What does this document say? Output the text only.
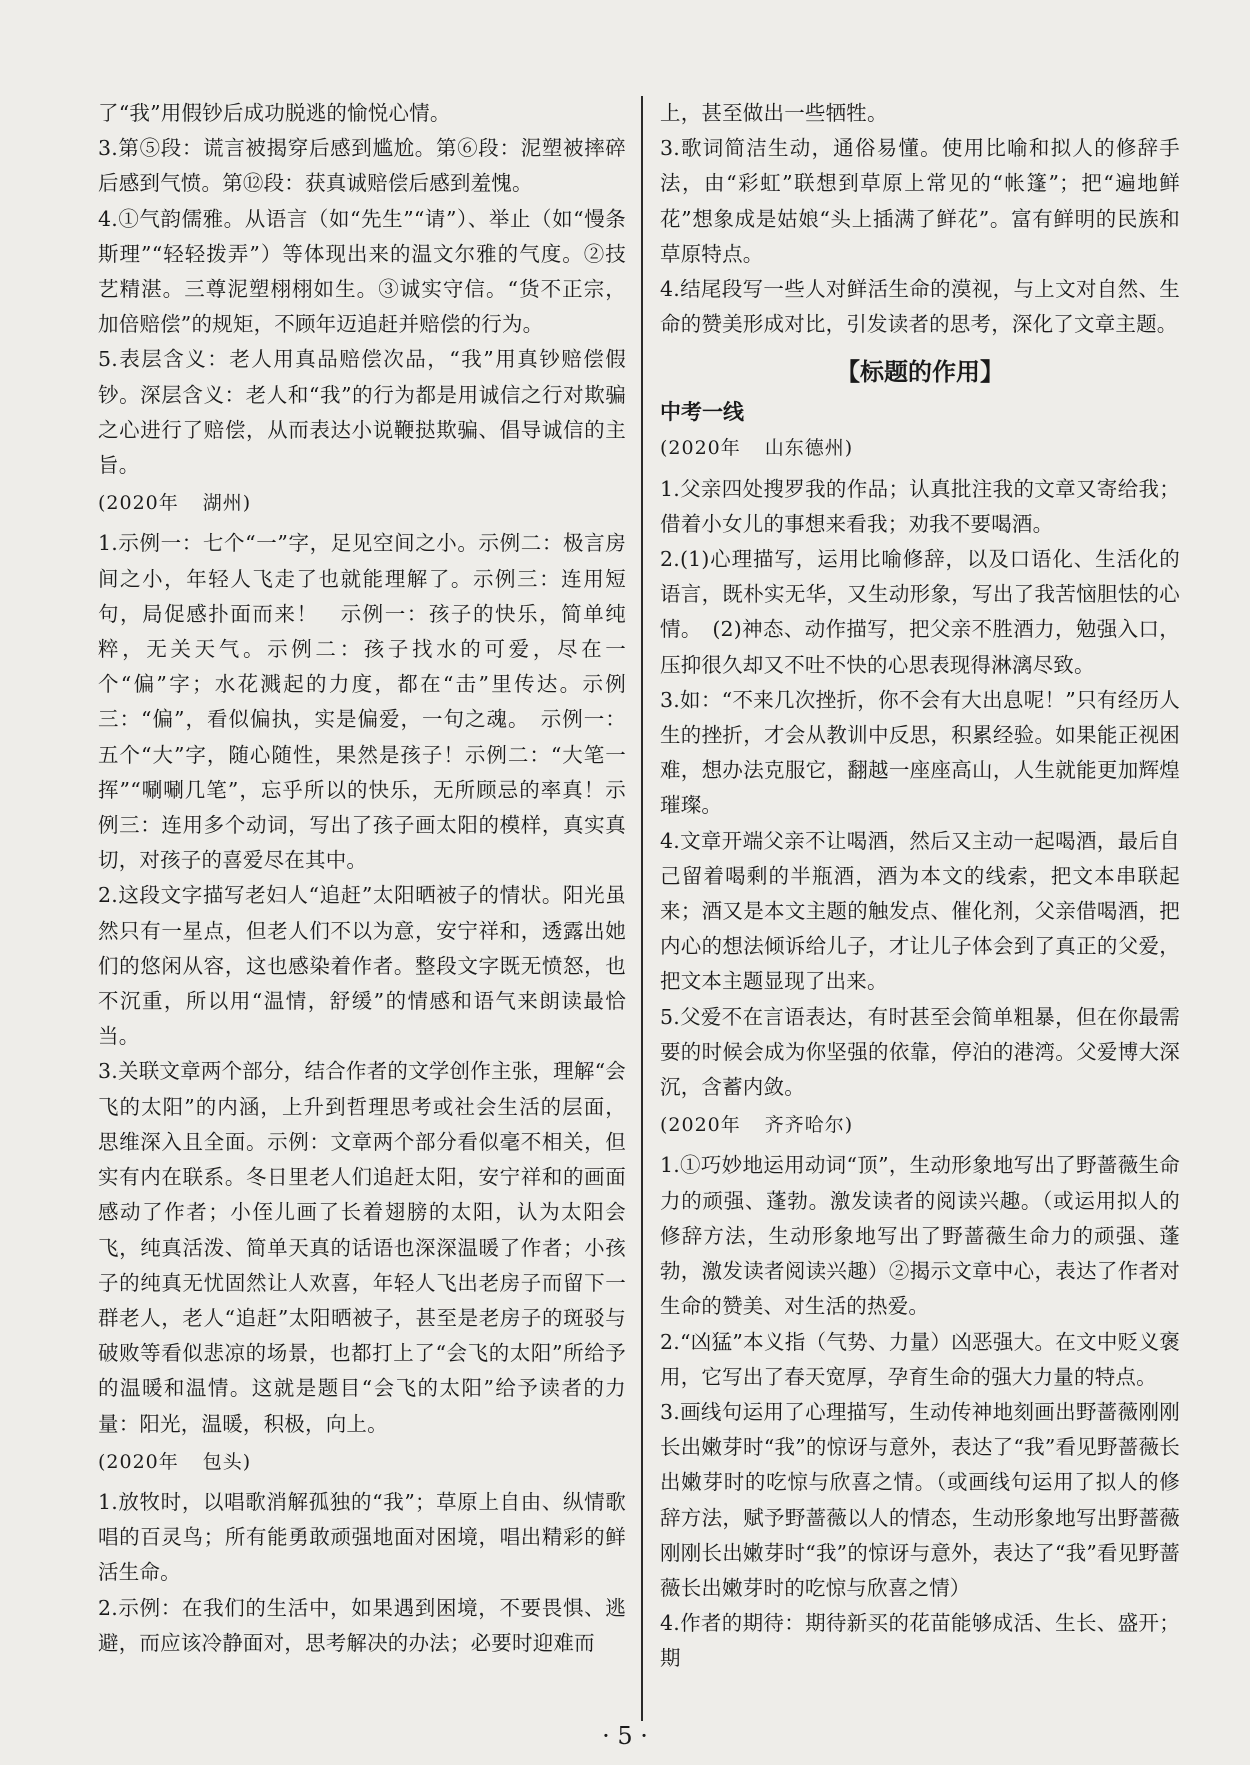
了“我”用假钞后成功脱逃的愉悦心情。

3.第⑤段：谎言被揭穿后感到尴尬。第⑥段：泥塑被摔碎后感到气愤。第⑫段：获真诚赔偿后感到羞愧。

4.①气韵儒雅。从语言（如“先生”“请”）、举止（如“慢条斯理”“轻轻拨弄”）等体现出来的温文尔雅的气度。②技艺精湛。三尊泥塑栩栩如生。③诚实守信。“货不正宗，加倍赔偿”的规矩，不顾年迈追赶并赔偿的行为。

5.表层含义：老人用真品赔偿次品，“我”用真钞赔偿假钞。深层含义：老人和“我”的行为都是用诚信之行对欺骗之心进行了赔偿，从而表达小说鞭挞欺骗、倡导诚信的主旨。

(2020年 湖州)

1.示例一：七个“一”字，足见空间之小。示例二：极言房间之小，年轻人飞走了也就能理解了。示例三：连用短句，局促感扑面而来！　示例一：孩子的快乐，简单纯粹，无关天气。示例二：孩子找水的可爱，尽在一个“偏”字；水花溅起的力度，都在“击”里传达。示例三：“偏”，看似偏执，实是偏爱，一句之魂。　示例一：五个“大”字，随心随性，果然是孩子！示例二：“大笔一挥”“唰唰几笔”，忘乎所以的快乐，无所顾忌的率真！示例三：连用多个动词，写出了孩子画太阳的模样，真实真切，对孩子的喜爱尽在其中。

2.这段文字描写老妇人“追赶”太阳晒被子的情状。阳光虽然只有一星点，但老人们不以为意，安宁祥和，透露出她们的悠闲从容，这也感染着作者。整段文字既无愤怒，也不沉重，所以用“温情，舒缓”的情感和语气来朗读最恰当。

3.关联文章两个部分，结合作者的文学创作主张，理解“会飞的太阳”的内涵，上升到哲理思考或社会生活的层面，思维深入且全面。示例：文章两个部分看似毫不相关，但实有内在联系。冬日里老人们追赶太阳，安宁祥和的画面感动了作者；小侄儿画了长着翅膀的太阳，认为太阳会飞，纯真活泼、简单天真的话语也深深温暖了作者；小孩子的纯真无忧固然让人欢喜，年轻人飞出老房子而留下一群老人，老人“追赶”太阳晒被子，甚至是老房子的斑驳与破败等看似悲凉的场景，也都打上了“会飞的太阳”所给予的温暖和温情。这就是题目“会飞的太阳”给予读者的力量：阳光，温暖，积极，向上。

(2020年 包头)

1.放牧时，以唱歌消解孤独的“我”；草原上自由、纵情歌唱的百灵鸟；所有能勇敢顽强地面对困境，唱出精彩的鲜活生命。

2.示例：在我们的生活中，如果遇到困境，不要畏惧、逃避，而应该冷静面对，思考解决的办法；必要时迎难而

上，甚至做出一些牺牲。

3.歌词简洁生动，通俗易懂。使用比喻和拟人的修辞手法，由“彩虹”联想到草原上常见的“帐篷”；把“遍地鲜花”想象成是姑娘“头上插满了鲜花”。富有鲜明的民族和草原特点。

4.结尾段写一些人对鲜活生命的漠视，与上文对自然、生命的赞美形成对比，引发读者的思考，深化了文章主题。

【标题的作用】
中考一线

(2020年 山东德州)

1.父亲四处搜罗我的作品；认真批注我的文章又寄给我；借着小女儿的事想来看我；劝我不要喝酒。

2.(1)心理描写，运用比喻修辞，以及口语化、生活化的语言，既朴实无华，又生动形象，写出了我苦恼胆怯的心情。　(2)神态、动作描写，把父亲不胜酒力，勉强入口，压抑很久却又不吐不快的心思表现得淋漓尽致。

3.如：“不来几次挫折，你不会有大出息呢！”只有经历人生的挫折，才会从教训中反思，积累经验。如果能正视困难，想办法克服它，翻越一座座高山，人生就能更加辉煌璀璨。

4.文章开端父亲不让喝酒，然后又主动一起喝酒，最后自己留着喝剩的半瓶酒，酒为本文的线索，把文本串联起来；酒又是本文主题的触发点、催化剂，父亲借喝酒，把内心的想法倾诉给儿子，才让儿子体会到了真正的父爱，把文本主题显现了出来。

5.父爱不在言语表达，有时甚至会简单粗暴，但在你最需要的时候会成为你坚强的依靠，停泊的港湾。父爱博大深沉，含蓄内敛。

(2020年 齐齐哈尔)

1.①巧妙地运用动词“顶”，生动形象地写出了野蔷薇生命力的顽强、蓬勃。激发读者的阅读兴趣。（或运用拟人的修辞方法，生动形象地写出了野蔷薇生命力的顽强、蓬勃，激发读者阅读兴趣）②揭示文章中心，表达了作者对生命的赞美、对生活的热爱。

2.“凶猛”本义指（气势、力量）凶恶强大。在文中贬义褒用，它写出了春天宽厚，孕育生命的强大力量的特点。

3.画线句运用了心理描写，生动传神地刻画出野蔷薇刚刚长出嫩芽时“我”的惊讶与意外，表达了“我”看见野蔷薇长出嫩芽时的吃惊与欣喜之情。（或画线句运用了拟人的修辞方法，赋予野蔷薇以人的情态，生动形象地写出野蔷薇刚刚长出嫩芽时“我”的惊讶与意外，表达了“我”看见野蔷薇长出嫩芽时的吃惊与欣喜之情）

4.作者的期待：期待新买的花苗能够成活、生长、盛开；期

· 5 ·
